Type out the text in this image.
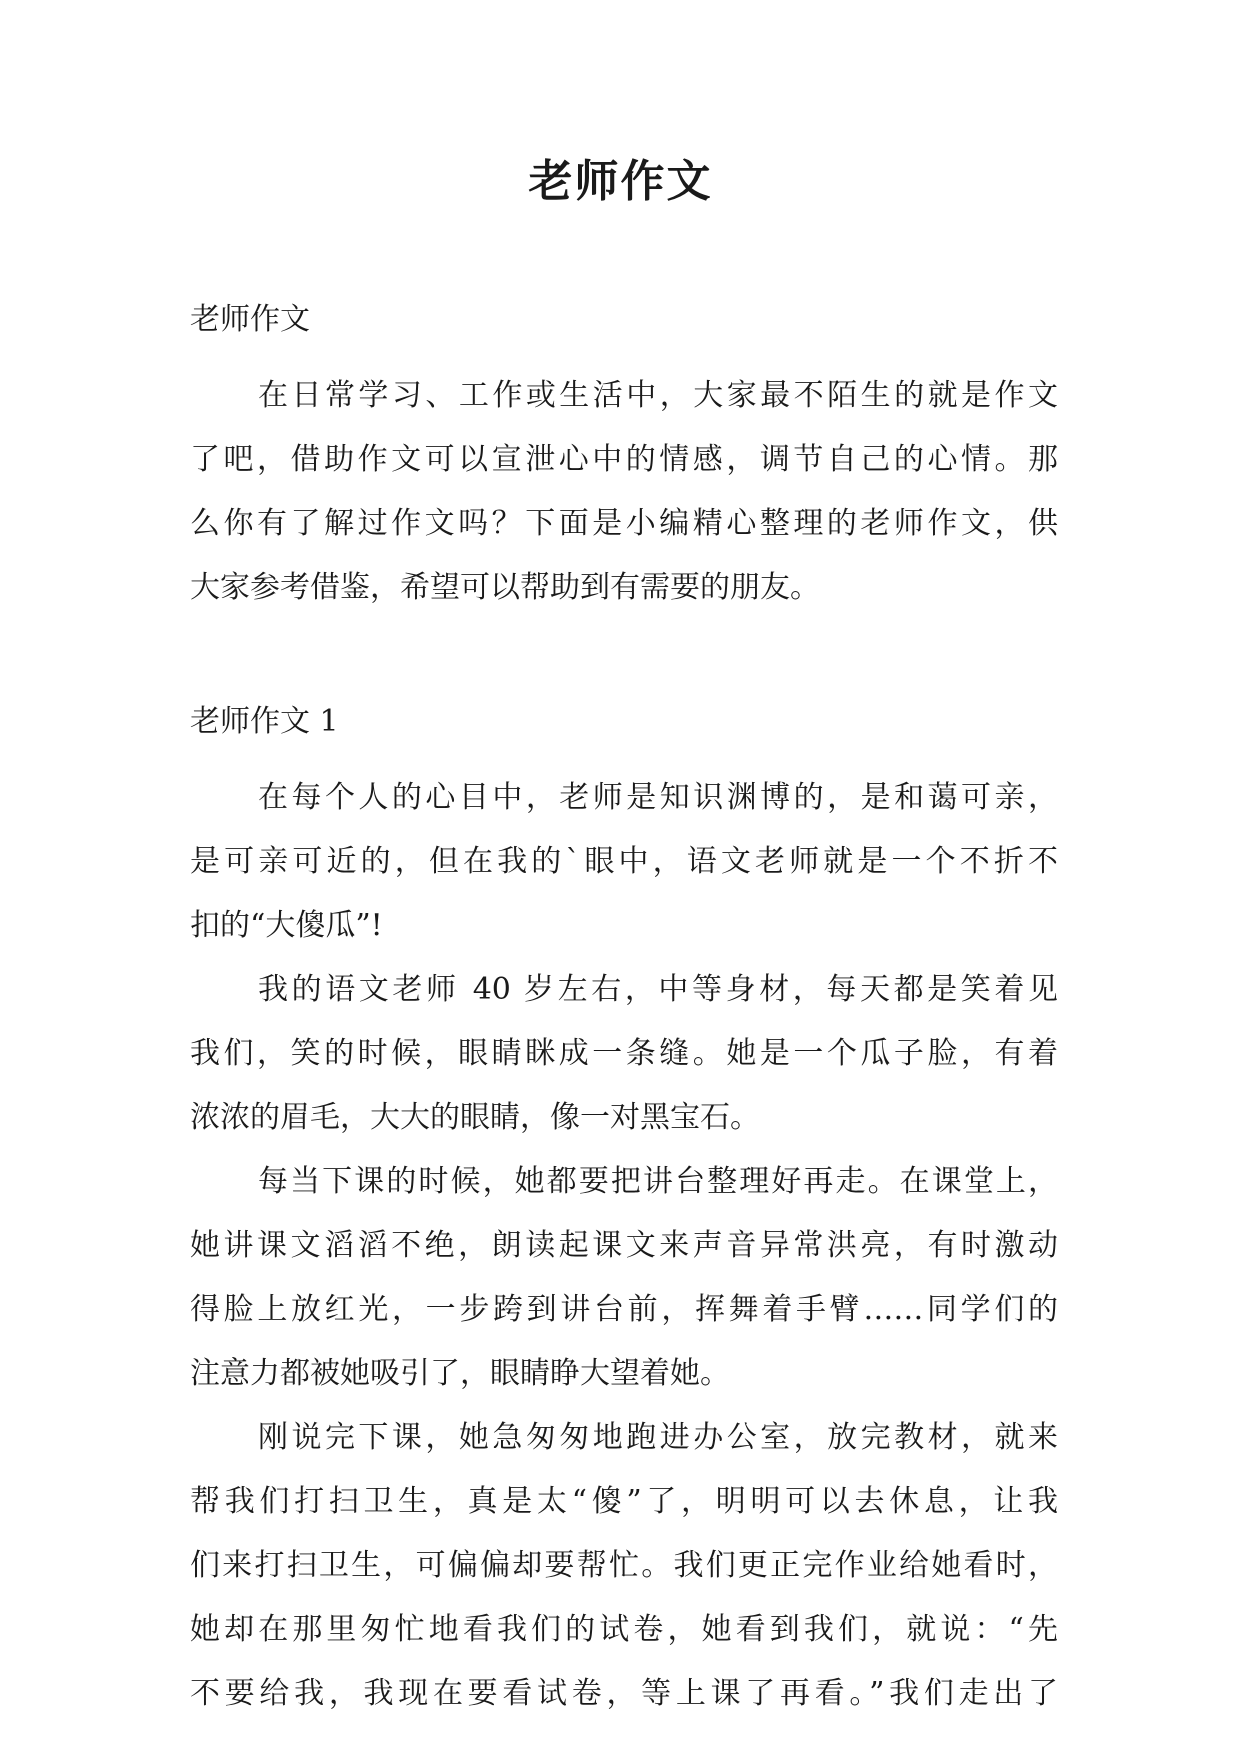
老师作文
老师作文
在日常学习、工作或生活中，大家最不陌生的就是作文
了吧，借助作文可以宣泄心中的情感，调节自己的心情。那
么你有了解过作文吗？下面是小编精心整理的老师作文，供
大家参考借鉴，希望可以帮助到有需要的朋友。
老师作文 1
在每个人的心目中，老师是知识渊博的，是和蔼可亲，
是可亲可近的，但在我的`眼中，语文老师就是一个不折不
扣的“大傻瓜”!
我的语文老师 40 岁左右，中等身材，每天都是笑着见
我们，笑的时候，眼睛眯成一条缝。她是一个瓜子脸，有着
浓浓的眉毛，大大的眼睛，像一对黑宝石。
每当下课的时候，她都要把讲台整理好再走。在课堂上，
她讲课文滔滔不绝，朗读起课文来声音异常洪亮，有时激动
得脸上放红光，一步跨到讲台前，挥舞着手臂……同学们的
注意力都被她吸引了，眼睛睁大望着她。
刚说完下课，她急匆匆地跑进办公室，放完教材，就来
帮我们打扫卫生，真是太“傻”了，明明可以去休息，让我
们来打扫卫生，可偏偏却要帮忙。我们更正完作业给她看时，
她却在那里匆忙地看我们的试卷，她看到我们，就说：“先
不要给我，我现在要看试卷，等上课了再看。”我们走出了
